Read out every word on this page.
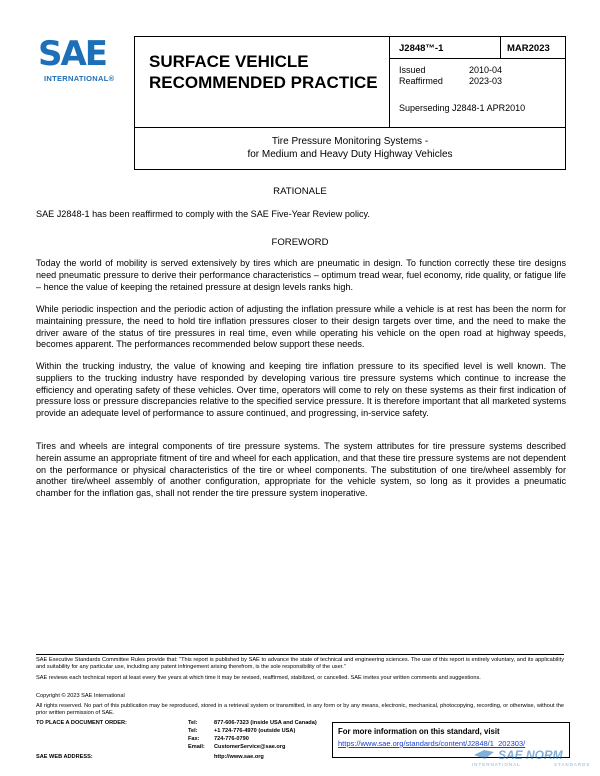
SAE
INTERNATIONAL®
SURFACE VEHICLE
RECOMMENDED PRACTICE
J2848™-1	MAR2023
Issued	2010-04
Reaffirmed	2023-03
Superseding J2848-1 APR2010
Tire Pressure Monitoring Systems -
for Medium and Heavy Duty Highway Vehicles
RATIONALE
SAE J2848-1 has been reaffirmed to comply with the SAE Five-Year Review policy.
FOREWORD
Today the world of mobility is served extensively by tires which are pneumatic in design. To function correctly these tire designs need pneumatic pressure to derive their performance characteristics – optimum tread wear, fuel economy, ride quality, or fatigue life – hence the value of keeping the retained pressure at design levels ranks high.
While periodic inspection and the periodic action of adjusting the inflation pressure while a vehicle is at rest has been the norm for maintaining pressure, the need to hold tire inflation pressures closer to their design targets over time, and the need to make the driver aware of the status of tire pressures in real time, even while operating his vehicle on the open road at highway speeds, becomes apparent. The performances recommended below support these needs.
Within the trucking industry, the value of knowing and keeping tire inflation pressure to its specified level is well known. The suppliers to the trucking industry have responded by developing various tire pressure systems which continue to increase the efficiency and operating safety of these vehicles. Over time, operators will come to rely on these systems as their first indication of pressure loss or pressure discrepancies relative to the specified service pressure. It is therefore important that all marketed systems provide an adequate level of performance to assure continued, and progressing, in-service safety.
Tires and wheels are integral components of tire pressure systems. The system attributes for tire pressure systems described herein assume an appropriate fitment of tire and wheel for each application, and that these tire pressure systems are not dependent on the performance or physical characteristics of the tire or wheel components. The substitution of one tire/wheel assembly for another tire/wheel assembly of another configuration, appropriate for the vehicle system, so long as it provides a pneumatic chamber for the inflation gas, shall not render the tire pressure system inoperative.
SAE Executive Standards Committee Rules provide that: “This report is published by SAE to advance the state of technical and engineering sciences. The use of this report is entirely voluntary, and its applicability and suitability for any particular use, including any patent infringement arising therefrom, is the sole responsibility of the user.”
SAE reviews each technical report at least every five years at which time it may be revised, reaffirmed, stabilized, or cancelled. SAE invites your written comments and suggestions.
Copyright © 2023 SAE International
All rights reserved. No part of this publication may be reproduced, stored in a retrieval system or transmitted, in any form or by any means, electronic, mechanical, photocopying, recording, or otherwise, without the prior written permission of SAE.
TO PLACE A DOCUMENT ORDER:	Tel:	877-606-7323 (inside USA and Canada)
Tel:	+1 724-776-4970 (outside USA)
Fax:	724-776-0790
Email: CustomerService@sae.org
SAE WEB ADDRESS:	http://www.sae.org
For more information on this standard, visit
https://www.sae.org/standards/content/J2848/1_202303/
SAE NORM
INTERNATIONAL	STANDARDS
